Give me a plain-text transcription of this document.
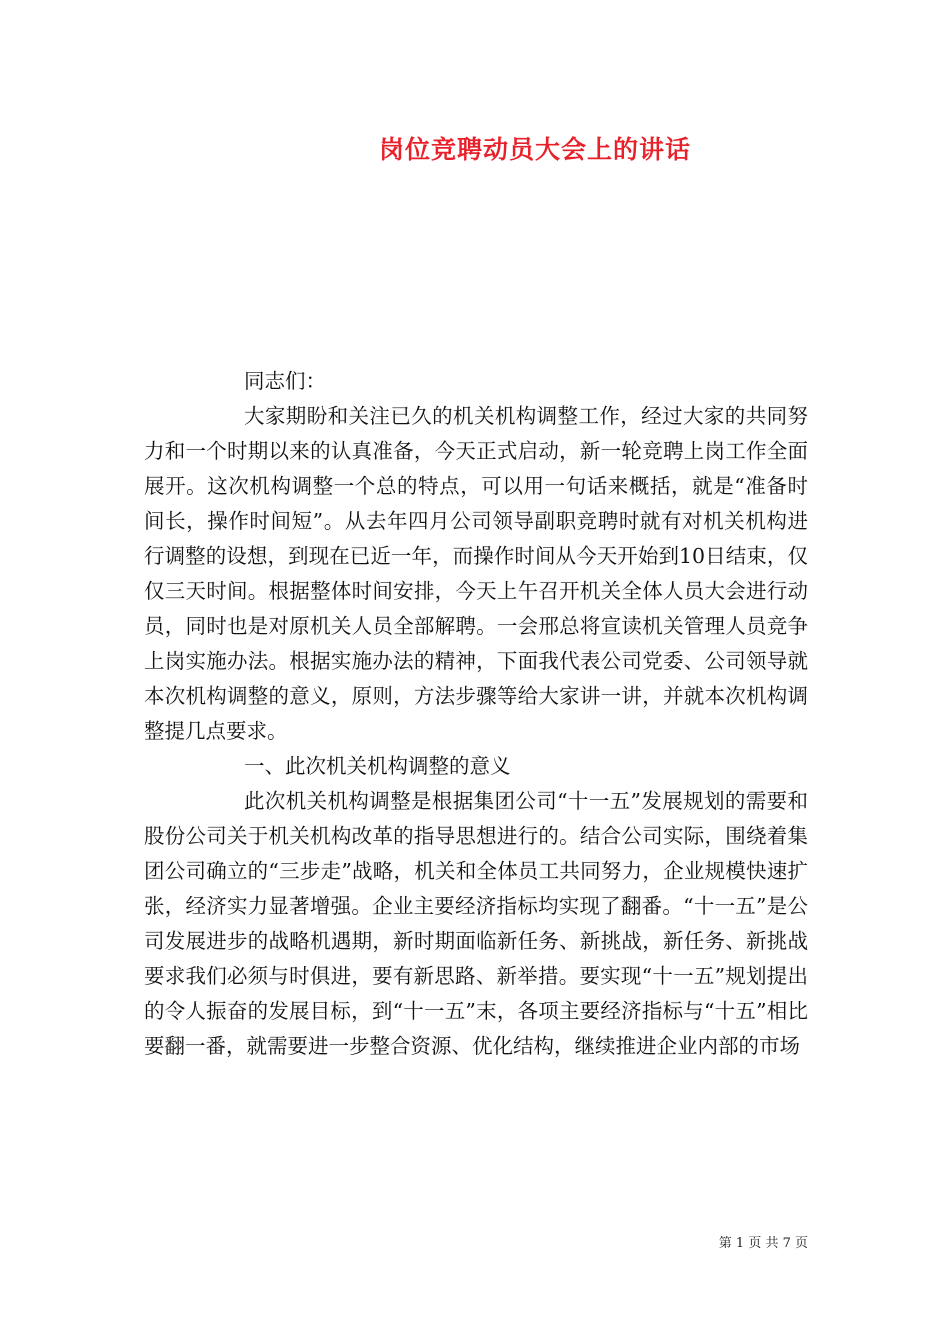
岗位竞聘动员大会上的讲话

同志们：

大家期盼和关注已久的机关机构调整工作，经过大家的共同努力和一个时期以来的认真准备，今天正式启动，新一轮竞聘上岗工作全面展开。这次机构调整一个总的特点，可以用一句话来概括，就是“准备时间长，操作时间短”。从去年四月公司领导副职竞聘时就有对机关机构进行调整的设想，到现在已近一年，而操作时间从今天开始到10日结束，仅仅三天时间。根据整体时间安排，今天上午召开机关全体人员大会进行动员，同时也是对原机关人员全部解聘。一会邢总将宣读机关管理人员竞争上岗实施办法。根据实施办法的精神，下面我代表公司党委、公司领导就本次机构调整的意义，原则，方法步骤等给大家讲一讲，并就本次机构调整提几点要求。

一、此次机关机构调整的意义

此次机关机构调整是根据集团公司“十一五”发展规划的需要和股份公司关于机关机构改革的指导思想进行的。结合公司实际，围绕着集团公司确立的“三步走”战略，机关和全体员工共同努力，企业规模快速扩张，经济实力显著增强。企业主要经济指标均实现了翻番。“十一五”是公司发展进步的战略机遇期，新时期面临新任务、新挑战，新任务、新挑战要求我们必须与时俱进，要有新思路、新举措。要实现“十一五”规划提出的令人振奋的发展目标，到“十一五”末，各项主要经济指标与“十五”相比要翻一番，就需要进一步整合资源、优化结构，继续推进企业内部的市场

第 1 页 共 7 页
